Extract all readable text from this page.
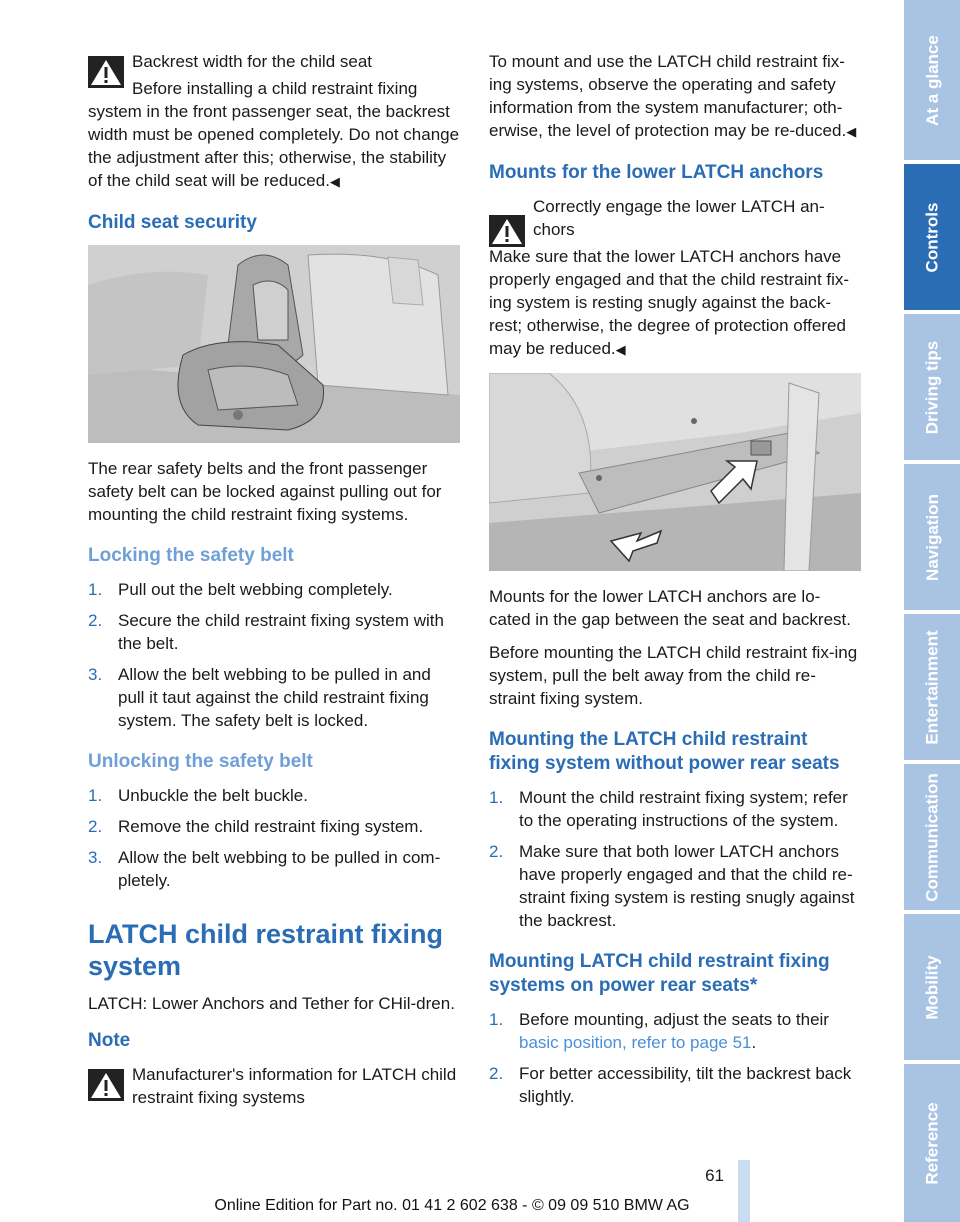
Backrest width for the child seat

Before installing a child restraint fixing system in the front passenger seat, the backrest width must be opened completely. Do not change the adjustment after this; otherwise, the stability of the child seat will be reduced.◀

Child seat security

The rear safety belts and the front passenger safety belt can be locked against pulling out for mounting the child restraint fixing systems.

Locking the safety belt
1. Pull out the belt webbing completely.
2. Secure the child restraint fixing system with the belt.
3. Allow the belt webbing to be pulled in and pull it taut against the child restraint fixing system. The safety belt is locked.
Unlocking the safety belt
1. Unbuckle the belt buckle.
2. Remove the child restraint fixing system.
3. Allow the belt webbing to be pulled in com-pletely.
LATCH child restraint fixing system

LATCH: Lower Anchors and Tether for CHil-dren.

Note
Manufacturer's information for LATCH child restraint fixing systems

To mount and use the LATCH child restraint fix-ing systems, observe the operating and safety information from the system manufacturer; oth-erwise, the level of protection may be re-duced.◀

Mounts for the lower LATCH anchors
Correctly engage the lower LATCH an-chors

Make sure that the lower LATCH anchors have properly engaged and that the child restraint fix-ing system is resting snugly against the back-rest; otherwise, the degree of protection offered may be reduced.◀

Mounts for the lower LATCH anchors are lo-cated in the gap between the seat and backrest.

Before mounting the LATCH child restraint fix-ing system, pull the belt away from the child re-straint fixing system.

Mounting the LATCH child restraint fixing system without power rear seats
1. Mount the child restraint fixing system; refer to the operating instructions of the system.
2. Make sure that both lower LATCH anchors have properly engaged and that the child re-straint fixing system is resting snugly against the backrest.
Mounting LATCH child restraint fixing systems on power rear seats*
1. Before mounting, adjust the seats to their
basic position, refer to page 51.
2. For better accessibility, tilt the backrest back slightly.
At a glance
Controls
Driving tips
Navigation
Entertainment
Communication
Mobility
Reference
61
Online Edition for Part no. 01 41 2 602 638 - © 09 09 510 BMW AG
